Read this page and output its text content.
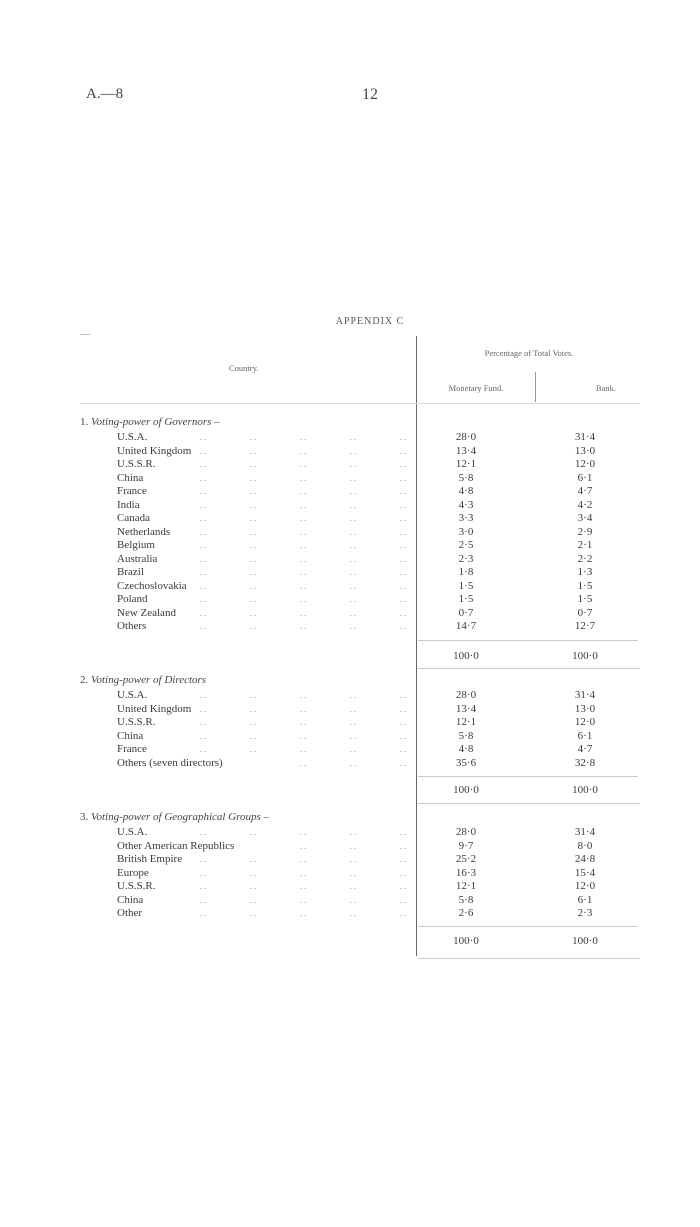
A.—8	12
APPENDIX C
Country.
Percentage of Total Votes.
Monetary Fund.	Bank.
1. Voting-power of Governors –
U.S.A.	. .	. .	. .	. .	. .	28·0	31·4
United Kingdom . .	. .	. .	. .	. .	13·4	13·0
U.S.S.R.	. .	. .	. .	. .	. .	12·1	12·0
China	. .	. .	. .	. .	. .	5·8	6·1
France	. .	. .	. .	. .	. .	4·8	4·7
India	. .	. .	. .	. .	. .	4·3	4·2
Canada	. .	. .	. .	. .	. .	3·3	3·4
Netherlands	. .	. .	. .	. .	. .	3·0	2·9
Belgium	. .	. .	. .	. .	. .	2·5	2·1
Australia	. .	. .	. .	. .	. .	2·3	2·2
Brazil	. .	. .	. .	. .	. .	1·8	1·3
Czechoslovakia . .	. .	. .	. .	. .	1·5	1·5
Poland	. .	. .	. .	. .	. .	1·5	1·5
New Zealand	. .	. .	. .	. .	. .	0·7	0·7
Others	. .	. .	. .	. .	. .	14·7	12·7
100·0	100·0
2. Voting-power of Directors
U.S.A.	. .	. .	. .	. .	. .	28·0	31·4
United Kingdom . .	. .	. .	. .	. .	13·4	13·0
U.S.S.R.	. .	. .	. .	. .	. .	12·1	12·0
China	. .	. .	. .	. .	. .	5·8	6·1
France	. .	. .	. .	. .	. .	4·8	4·7
Others (seven directors)	. .	. .	. .	35·6	32·8
100·0	100·0
3. Voting-power of Geographical Groups –
U.S.A.	. .	. .	. .	. .	. .	28·0	31·4
Other American Republics	. .	. .	. .	9·7	8·0
British Empire . .	. .	. .	. .	. .	25·2	24·8
Europe	. .	. .	. .	. .	. .	16·3	15·4
U.S.S.R.	. .	. .	. .	. .	. .	12·1	12·0
China	. .	. .	. .	. .	. .	5·8	6·1
Other	. .	. .	. .	. .	. .	2·6	2·3
100·0	100·0
